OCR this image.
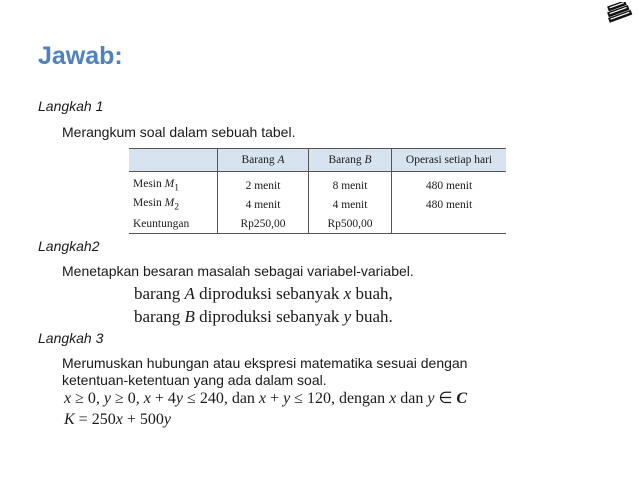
Jawab:
Langkah 1
Merangkum soal dalam sebuah tabel.
	Barang A	Barang B	Operasi setiap hari
Mesin $M_1$	2 menit	8 menit	480 menit
Mesin $M_2$	4 menit	4 menit	480 menit
Keuntungan	Rp250,00	Rp500,00	
Langkah2
Menetapkan besaran masalah sebagai variabel-variabel.
barang A diproduksi sebanyak x buah,
barang B diproduksi sebanyak y buah.
Langkah 3
Merumuskan hubungan atau ekspresi matematika sesuai dengan
ketentuan-ketentuan yang ada dalam soal.
x ≥ 0, y ≥ 0, x + 4y ≤ 240, dan x + y ≤ 120, dengan x dan y ∈ C
K = 250x + 500y
